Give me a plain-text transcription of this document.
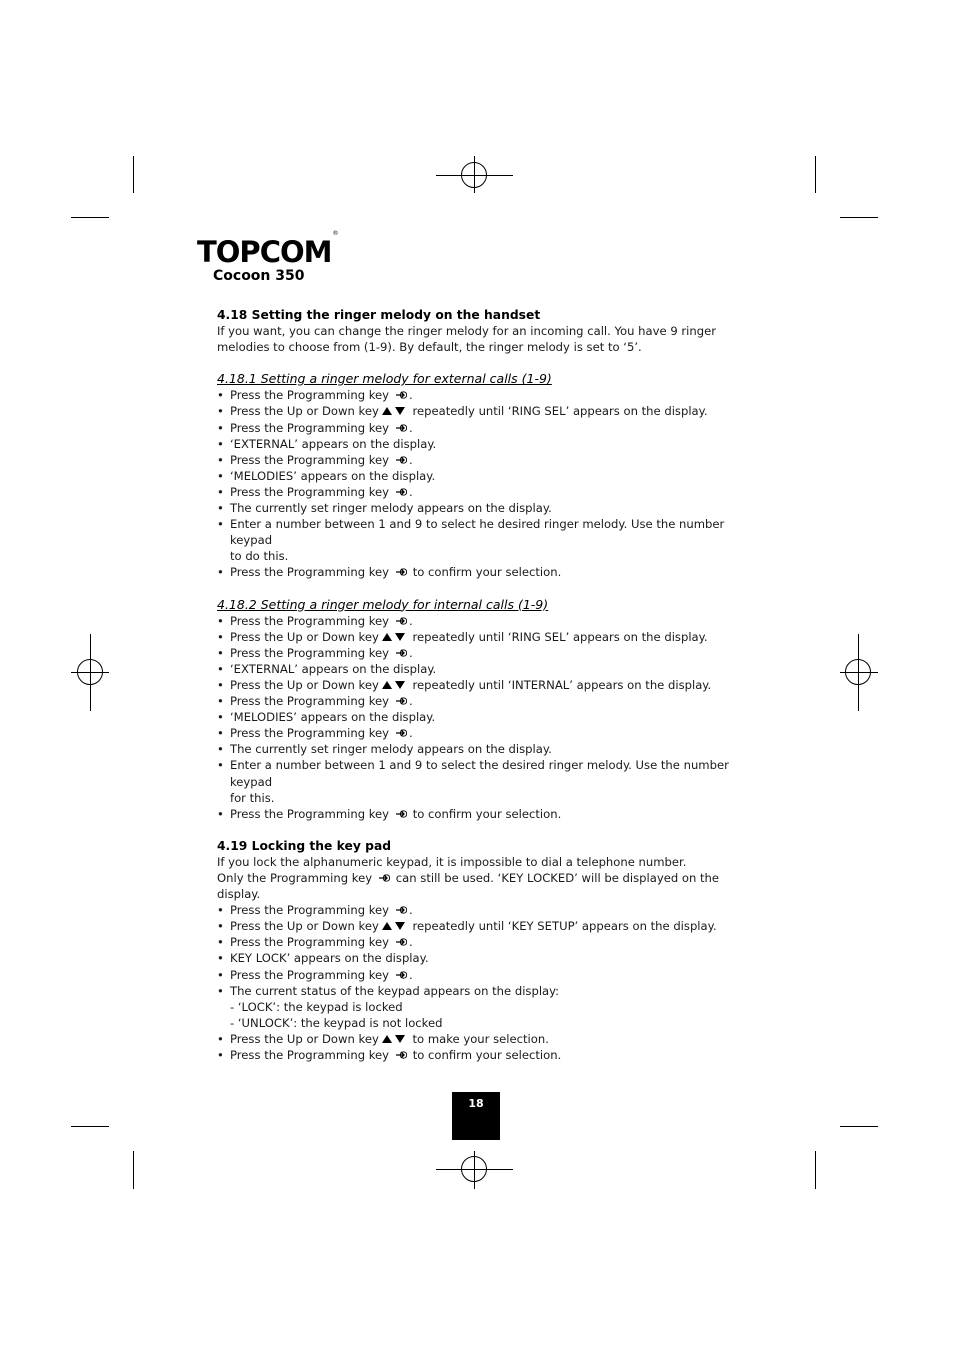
TOPCOM®
Cocoon 350

4.18 Setting the ringer melody on the handset

If you want, you can change the ringer melody for an incoming call. You have 9 ringer

melodies to choose from (1-9). By default, the ringer melody is set to ‘5’.

4.18.1 Setting a ringer melody for external calls (1-9)

• Press the Programming key .
• Press the Up or Down key	repeatedly until ‘RING SEL’ appears on the display.
• Press the Programming key .
• ‘EXTERNAL’ appears on the display.
• Press the Programming key .
• ‘MELODIES’ appears on the display.
• Press the Programming key .
• The currently set ringer melody appears on the display.
• Enter a number between 1 and 9 to select he desired ringer melody. Use the number keypad
to do this.
• Press the Programming key to confirm your selection.

4.18.2 Setting a ringer melody for internal calls (1-9)

• Press the Programming key .
• Press the Up or Down key	repeatedly until ‘RING SEL’ appears on the display.
• Press the Programming key .
• ‘EXTERNAL’ appears on the display.
• Press the Up or Down key	repeatedly until ‘INTERNAL’ appears on the display.
• Press the Programming key .
• ‘MELODIES’ appears on the display.
• Press the Programming key .
• The currently set ringer melody appears on the display.
• Enter a number between 1 and 9 to select the desired ringer melody. Use the number keypad
for this.
• Press the Programming key to confirm your selection.

4.19 Locking the key pad

If you lock the alphanumeric keypad, it is impossible to dial a telephone number.

Only the Programming key can still be used. ‘KEY LOCKED’ will be displayed on the display.

• Press the Programming key .
• Press the Up or Down key	repeatedly until ‘KEY SETUP’ appears on the display.
• Press the Programming key .
• KEY LOCK’ appears on the display.
• Press the Programming key .
• The current status of the keypad appears on the display:
- ‘LOCK’: the keypad is locked
- ‘UNLOCK’: the keypad is not locked
• Press the Up or Down key	to make your selection.
• Press the Programming key to confirm your selection.
18
